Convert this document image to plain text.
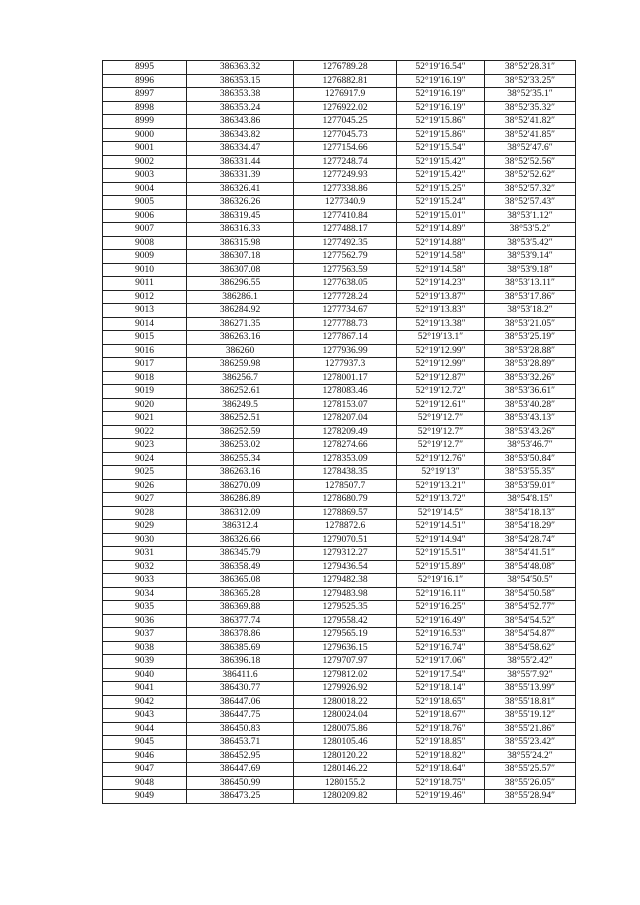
8995	386363.32	1276789.28	52°19′16.54″	38°52′28.31″
8996	386353.15	1276882.81	52°19′16.19″	38°52′33.25″
8997	386353.38	1276917.9	52°19′16.19″	38°52′35.1″
8998	386353.24	1276922.02	52°19′16.19″	38°52′35.32″
8999	386343.86	1277045.25	52°19′15.86″	38°52′41.82″
9000	386343.82	1277045.73	52°19′15.86″	38°52′41.85″
9001	386334.47	1277154.66	52°19′15.54″	38°52′47.6″
9002	386331.44	1277248.74	52°19′15.42″	38°52′52.56″
9003	386331.39	1277249.93	52°19′15.42″	38°52′52.62″
9004	386326.41	1277338.86	52°19′15.25″	38°52′57.32″
9005	386326.26	1277340.9	52°19′15.24″	38°52′57.43″
9006	386319.45	1277410.84	52°19′15.01″	38°53′1.12″
9007	386316.33	1277488.17	52°19′14.89″	38°53′5.2″
9008	386315.98	1277492.35	52°19′14.88″	38°53′5.42″
9009	386307.18	1277562.79	52°19′14.58″	38°53′9.14″
9010	386307.08	1277563.59	52°19′14.58″	38°53′9.18″
9011	386296.55	1277638.05	52°19′14.23″	38°53′13.11″
9012	386286.1	1277728.24	52°19′13.87″	38°53′17.86″
9013	386284.92	1277734.67	52°19′13.83″	38°53′18.2″
9014	386271.35	1277788.73	52°19′13.38″	38°53′21.05″
9015	386263.16	1277867.14	52°19′13.1″	38°53′25.19″
9016	386260	1277936.99	52°19′12.99″	38°53′28.88″
9017	386259.98	1277937.3	52°19′12.99″	38°53′28.89″
9018	386256.7	1278001.17	52°19′12.87″	38°53′32.26″
9019	386252.61	1278083.46	52°19′12.72″	38°53′36.61″
9020	386249.5	1278153.07	52°19′12.61″	38°53′40.28″
9021	386252.51	1278207.04	52°19′12.7″	38°53′43.13″
9022	386252.59	1278209.49	52°19′12.7″	38°53′43.26″
9023	386253.02	1278274.66	52°19′12.7″	38°53′46.7″
9024	386255.34	1278353.09	52°19′12.76″	38°53′50.84″
9025	386263.16	1278438.35	52°19′13″	38°53′55.35″
9026	386270.09	1278507.7	52°19′13.21″	38°53′59.01″
9027	386286.89	1278680.79	52°19′13.72″	38°54′8.15″
9028	386312.09	1278869.57	52°19′14.5″	38°54′18.13″
9029	386312.4	1278872.6	52°19′14.51″	38°54′18.29″
9030	386326.66	1279070.51	52°19′14.94″	38°54′28.74″
9031	386345.79	1279312.27	52°19′15.51″	38°54′41.51″
9032	386358.49	1279436.54	52°19′15.89″	38°54′48.08″
9033	386365.08	1279482.38	52°19′16.1″	38°54′50.5″
9034	386365.28	1279483.98	52°19′16.11″	38°54′50.58″
9035	386369.88	1279525.35	52°19′16.25″	38°54′52.77″
9036	386377.74	1279558.42	52°19′16.49″	38°54′54.52″
9037	386378.86	1279565.19	52°19′16.53″	38°54′54.87″
9038	386385.69	1279636.15	52°19′16.74″	38°54′58.62″
9039	386396.18	1279707.97	52°19′17.06″	38°55′2.42″
9040	386411.6	1279812.02	52°19′17.54″	38°55′7.92″
9041	386430.77	1279926.92	52°19′18.14″	38°55′13.99″
9042	386447.06	1280018.22	52°19′18.65″	38°55′18.81″
9043	386447.75	1280024.04	52°19′18.67″	38°55′19.12″
9044	386450.83	1280075.86	52°19′18.76″	38°55′21.86″
9045	386453.71	1280105.46	52°19′18.85″	38°55′23.42″
9046	386452.95	1280120.22	52°19′18.82″	38°55′24.2″
9047	386447.69	1280146.22	52°19′18.64″	38°55′25.57″
9048	386450.99	1280155.2	52°19′18.75″	38°55′26.05″
9049	386473.25	1280209.82	52°19′19.46″	38°55′28.94″
